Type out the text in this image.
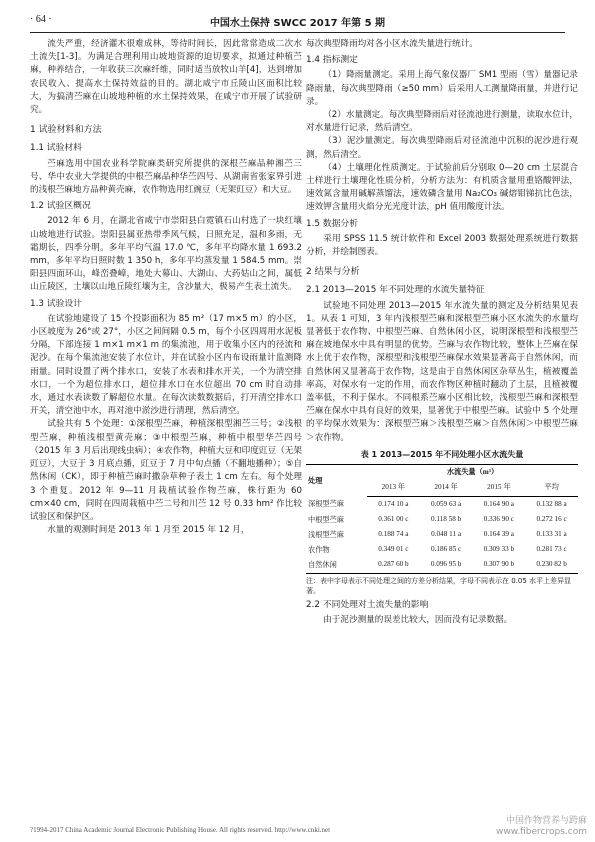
· 64 ·	中国水土保持 SWCC 2017 年第 5 期

流失严重，经济灌木很难成林，等待时间长，因此常常造成二次水土流失[1-3]。为满足合理利用山坡地资源的迫切要求，拟通过种植苎麻，种养结合，一年收获三次麻纤维，同时适当放牧山羊[4]，达到增加农民收入、提高水土保持效益的目的。湖北咸宁市丘陵山区面积比较大，为搞清苎麻在山坡地种植的水土保持效果，在咸宁市开展了试验研究。

1 试验材料和方法
1.1 试验材料

苎麻选用中国农业科学院麻类研究所提供的深根苎麻品种湘苎三号、华中农业大学提供的中根苎麻品种华苎四号、从湖南省张家界引进的浅根苎麻地方品种黄壳麻，农作物选用红豌豆（无架豇豆）和大豆。

1.2 试验区概况

2012 年 6 月，在湖北省咸宁市崇阳县白霓镇石山村选了一块红壤山坡地进行试验。崇阳县属亚热带季风气候，日照充足，温和多雨，无霜期长，四季分明。多年平均气温 17.0 ℃，多年平均降水量 1 693.2 mm，多年平均日照时数 1 350 h，多年平均蒸发量 1 584.5 mm。崇阳县四面环山，峰峦叠嶂，地处大幕山、大湖山、大药姑山之间，属低山丘陵区，土壤以山地丘陵红壤为主，含沙量大，极易产生表土流失。

1.3 试验设计

在试验地建设了 15 个投影面积为 85 m²（17 m×5 m）的小区，小区坡度为 26°或 27°，小区之间间隔 0.5 m，每个小区四周用水泥板分隔，下部连接 1 m×1 m×1 m 的集流池，用于收集小区内的径流和泥沙。在每个集流池安装了水位计，并在试验小区内布设雨量计监测降雨量。同时设置了两个排水口，安装了水表和排水开关，一个为清空排水口，一个为超位排水口，超位排水口在水位超出 70 cm 时自动排水，通过水表读数了解超位水量。在每次读数数据后，打开清空排水口开关，清空池中水，再对池中淤沙进行清理，然后清空。

试验共有 5 个处理：①深根型苎麻，种植深根型湘苎三号；②浅根型苎麻，种植浅根型黄壳麻；③中根型苎麻，种植中根型华苎四号（2015 年 3 月后出现线虫病）；④农作物，种植大豆和印度豇豆（无架豇豆），大豆于 3 月底点播，豇豆于 7 月中旬点播（不翻地播种）；⑤自然休闲（CK），即于种植苎麻时撒杂草种子表土 1 cm 左右。每个处理 3 个重复。2012 年 9—11 月栽植试验作物苎麻，株行距为 60 cm×40 cm，同时在四周栽植中苎二号和川苎 12 号 0.33 hm² 作比较试验区和保护区。

水量的观测时间是 2013 年 1 月至 2015 年 12 月，

每次典型降雨均对各小区水流失量进行统计。

1.4 指标测定

（1）降雨量测定。采用上海气象仪器厂 SM1 型雨（雪）量器记录降雨量，每次典型降雨（≥50 mm）后采用人工测量降雨量，并进行记录。

（2）水量测定。每次典型降雨后对径流池进行测量，读取水位计，对水量进行记录，然后清空。

（3）泥沙量测定。每次典型降雨后对径流池中沉积的泥沙进行观测，然后清空。

（4）土壤理化性质测定。于试验前后分别取 0—20 cm 土层混合土样进行土壤理化性质分析，分析方法为：有机质含量用重铬酸钾法，速效氮含量用碱解蒸馏法，速效磷含量用 Na₂CO₃ 碱熔钼锑抗比色法，速效钾含量用火焰分光光度计法，pH 值用酸度计法。

1.5 数据分析

采用 SPSS 11.5 统计软件和 Excel 2003 数据处理系统进行数据分析，并绘制图表。

2 结果与分析
2.1 2013—2015 年不同处理的水流失量特征

试验地不同处理 2013—2015 年水流失量的测定及分析结果见表 1。从表 1 可知，3 年内浅根型苎麻和深根型苎麻小区水流失的水量均显著低于农作物、中根型苎麻、自然休闲小区，说明深根型和浅根型苎麻在坡地保水中具有明显的优势。苎麻与农作物比较，整体上苎麻在保水上优于农作物，深根型和浅根型苎麻保水效果显著高于自然休闲，而自然休闲又显著高于农作物，这是由于自然休闲区杂草丛生，植被覆盖率高，对保水有一定的作用，而农作物区种植时翻动了土层，且植被覆盖率低，不利于保水。不同根系苎麻小区相比较，浅根型苎麻和深根型苎麻在保水中具有良好的效果，显著优于中根型苎麻。试验中 5 个处理的平均保水效果为：深根型苎麻＞浅根型苎麻＞自然休闲＞中根型苎麻＞农作物。

表 1 2013—2015 年不同处理小区水流失量
处理	水流失量（m³）			
	2013 年	2014 年	2015 年	平均
深根型苎麻	0.174 10 a	0.059 63 a	0.164 90 a	0.132 88 a
中根型苎麻	0.361 00 c	0.118 58 b	0.336 90 c	0.272 16 c
浅根型苎麻	0.188 74 a	0.048 11 a	0.164 39 a	0.133 31 a
农作物	0.349 01 c	0.186 85 c	0.309 33 b	0.281 73 c
自然休闲	0.287 60 b	0.096 95 b	0.307 90 b	0.230 82 b
注：表中字母表示不同处理之间的方差分析结果，字母不同表示在 0.05 水平上差异显著。
2.2 不同处理对土流失量的影响

由于泥沙测量的误差比较大，因而没有记录数据。

?1994-2017 China Academic Journal Electronic Publishing House. All rights reserved. http://www.cnki.net
中国作物营养与跨麻
www.fibercrops.com
